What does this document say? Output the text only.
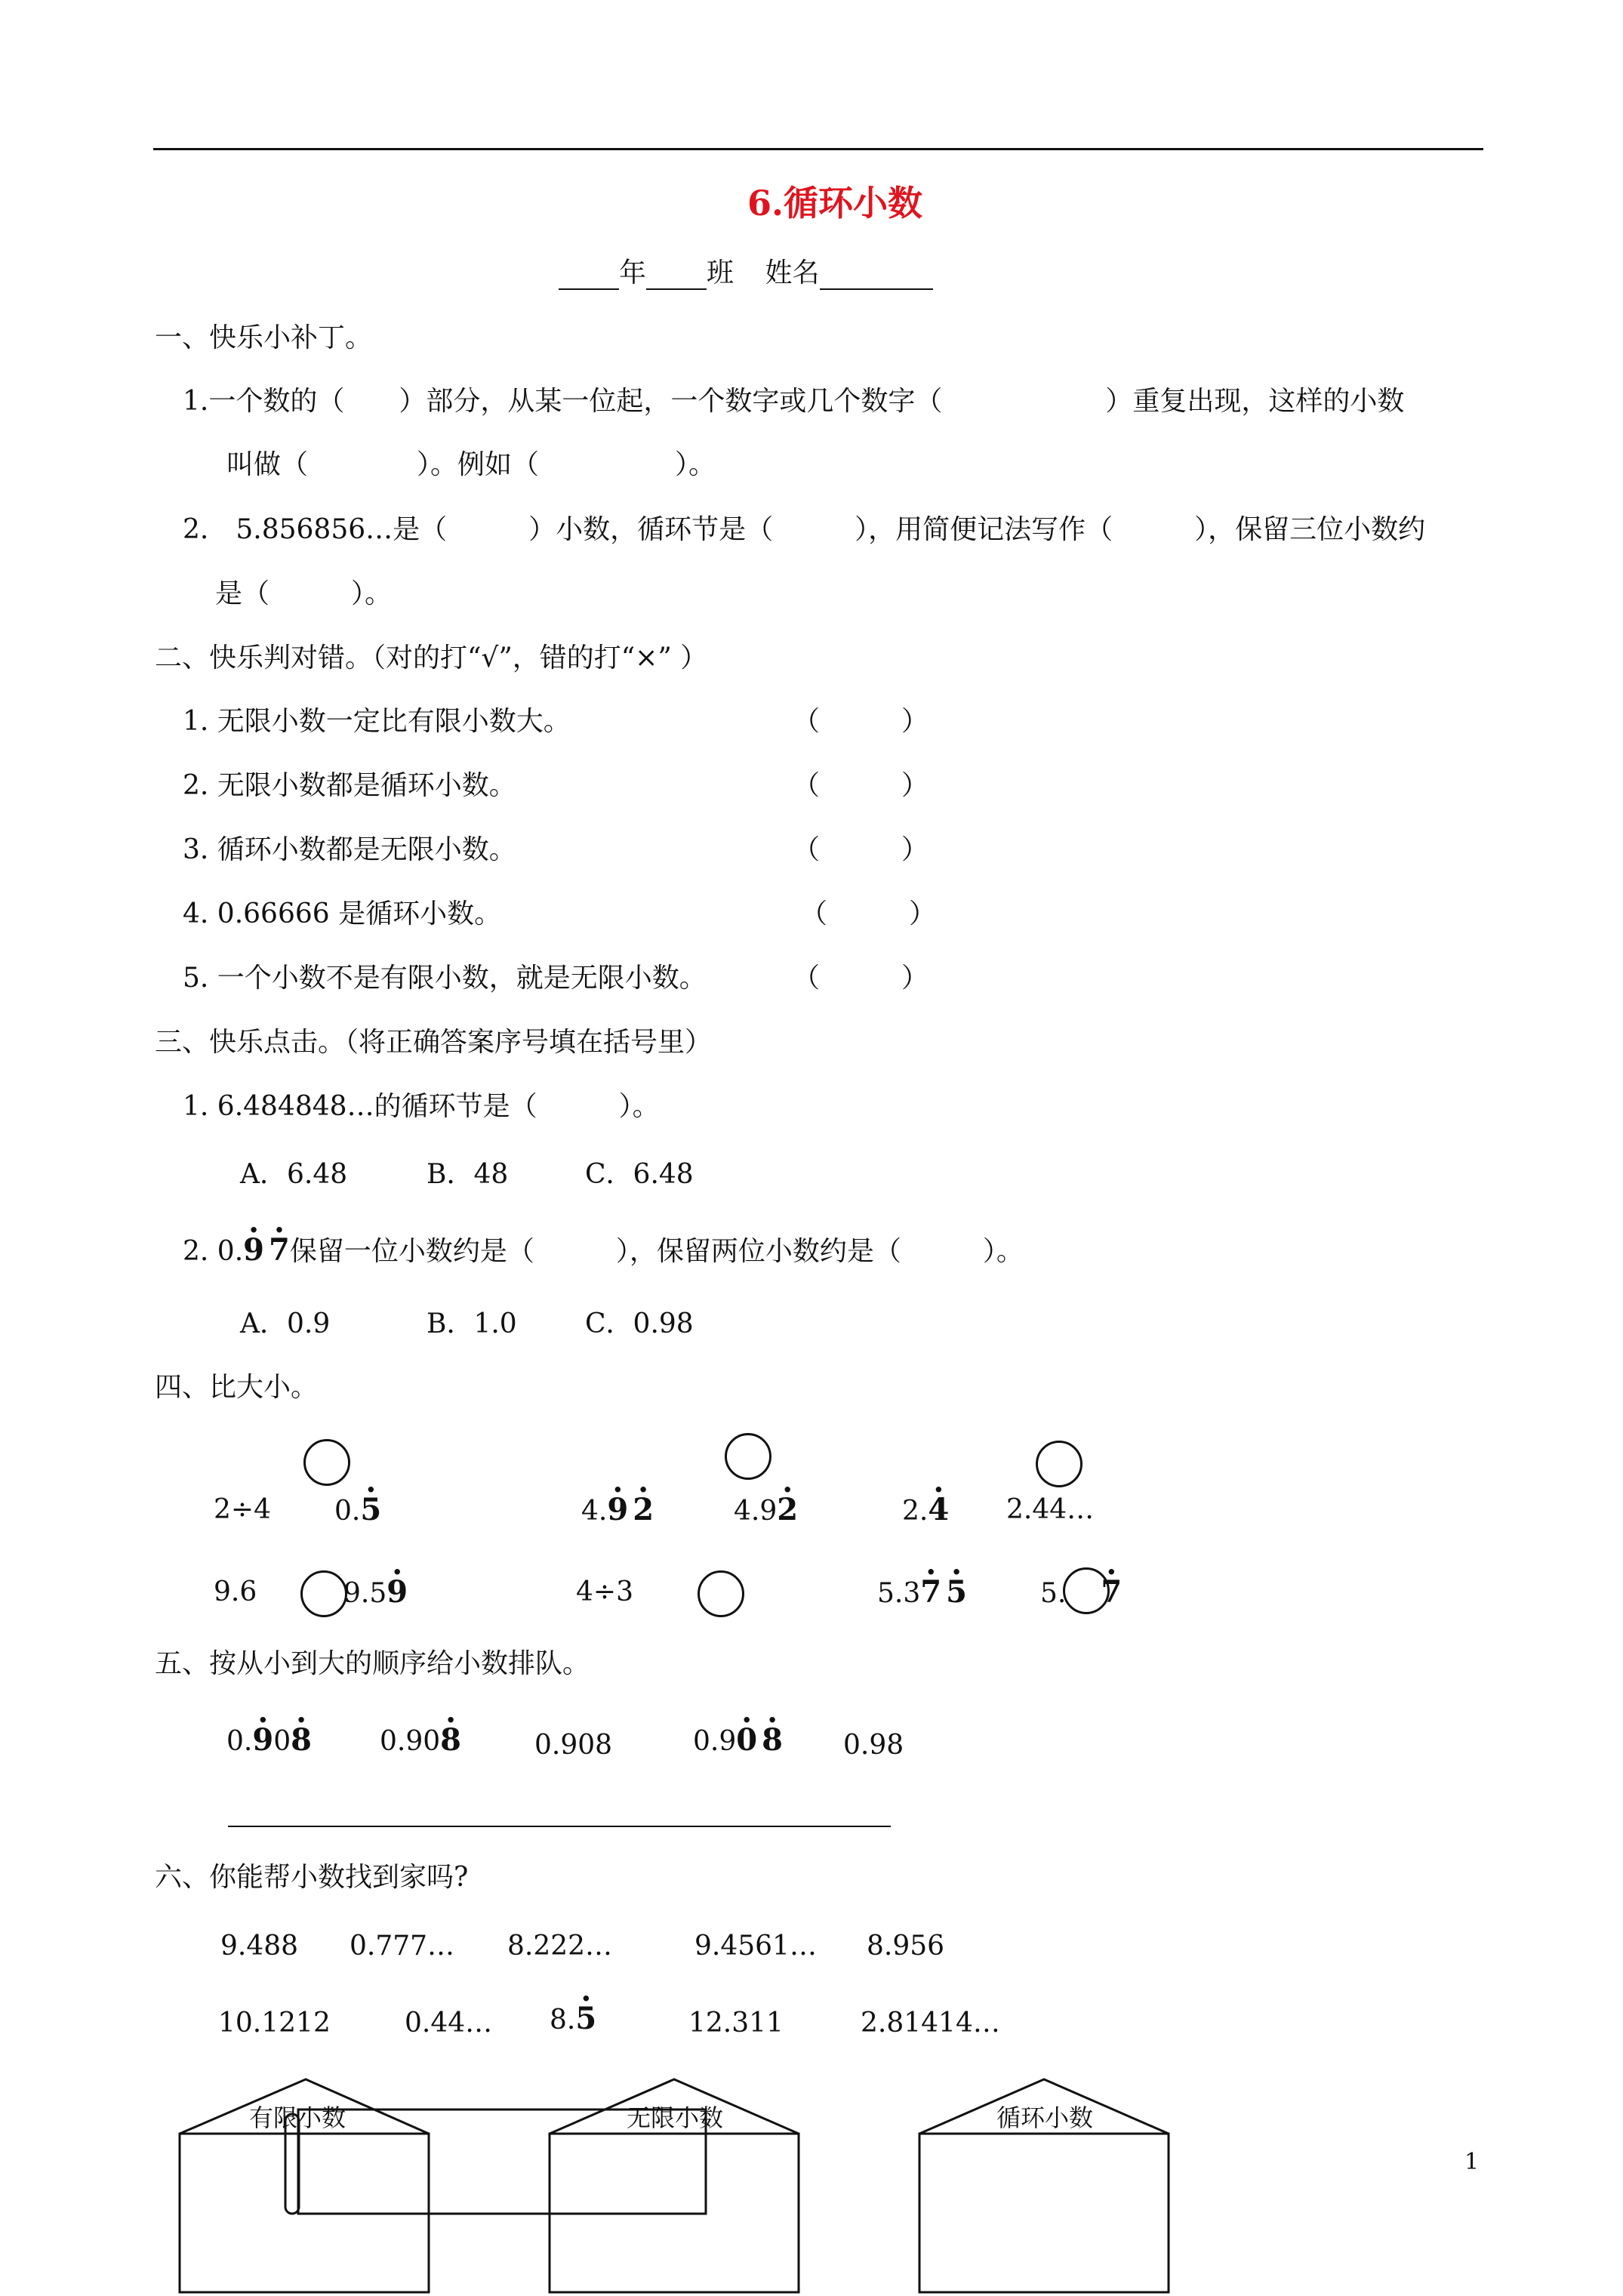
6.循环小数
年 班 姓名
一、快乐小补丁。
1.一个数的（　　）部分，从某一位起，一个数字或几个数字（　　　　　　）重复出现，这样的小数
叫做（　　　　）。例如（　　　　　）。
2.　5.856856…是（　　　）小数，循环节是（　　　），用简便记法写作（　　　），保留三位小数约
是（　　　）。
二、快乐判对错。（对的打“√”，错的打“×” ）
1. 无限小数一定比有限小数大。	（　　　）
2. 无限小数都是循环小数。	（　　　）
3. 循环小数都是无限小数。	（　　　）
4. 0.66666 是循环小数。	（　　　）
5. 一个小数不是有限小数，就是无限小数。	（　　　）
三、快乐点击。（将正确答案序号填在括号里）
1. 6.484848…的循环节是（　　　）。
A．6.48	B．48	C．6.48
2. 0.· 9 · 7保留一位小数约是（　　　），保留两位小数约是（　　　）。
A．0.9	B．1.0	C．0.98
四、比大小。
2÷4 0.· 5	4.· 9 · 2	4.9· 2	2.· 4 2.44…
9.6	9.5· 9	4÷3	5.3· 7 · 5	5. · 7
五、按从小到大的顺序给小数排队。
0.· 90· 8	0.90· 8	0.908	0.9· 0 · 8 0.98
六、你能帮小数找到家吗?
9.488 0.777… 8.222…	9.4561… 8.956
10.1212	0.44… 8.· 5	12.311	2.81414…
有限小数	无限小数	循环小数
1
